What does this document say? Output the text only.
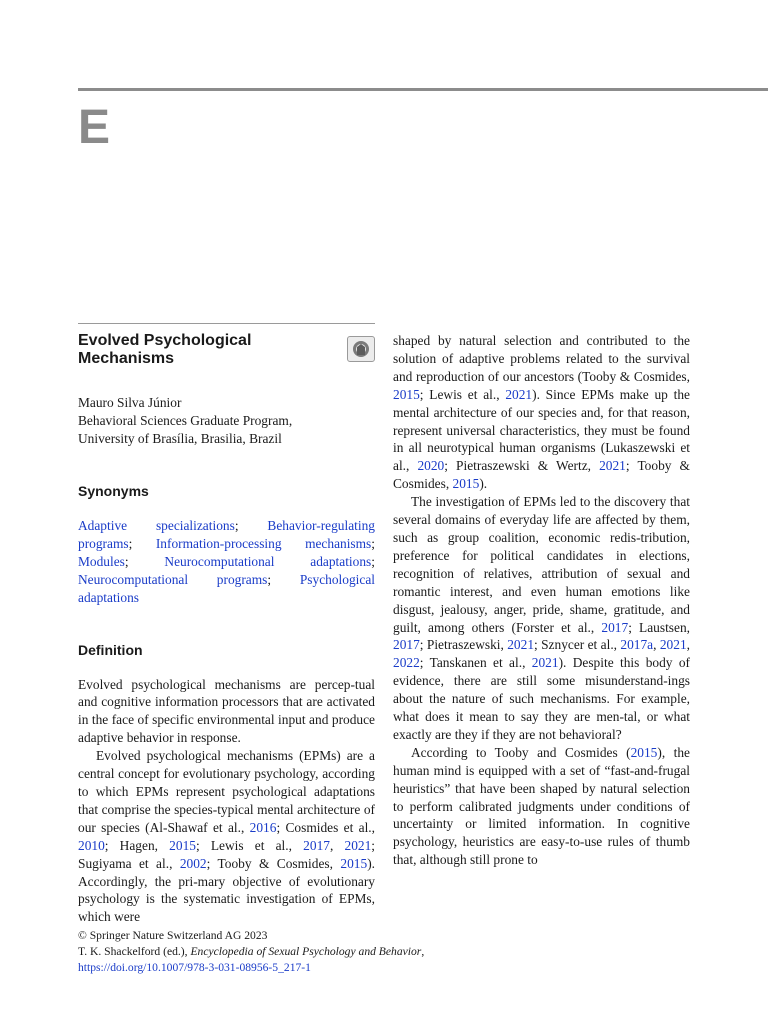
E
Evolved Psychological
Mechanisms
Mauro Silva Júnior
Behavioral Sciences Graduate Program,
University of Brasília, Brasilia, Brazil
Synonyms

Adaptive specializations; Behavior-regulating programs; Information-processing mechanisms; Modules; Neurocomputational adaptations; Neurocomputational programs; Psychological adaptations

Definition

Evolved psychological mechanisms are percep-tual and cognitive information processors that are activated in the face of specific environmental input and produce adaptive behavior in response.

Evolved psychological mechanisms (EPMs) are a central concept for evolutionary psychology, according to which EPMs represent psychological adaptations that comprise the species-typical mental architecture of our species (Al-Shawaf et al., 2016; Cosmides et al., 2010; Hagen, 2015; Lewis et al., 2017, 2021; Sugiyama et al., 2002; Tooby & Cosmides, 2015). Accordingly, the pri-mary objective of evolutionary psychology is the systematic investigation of EPMs, which were

shaped by natural selection and contributed to the solution of adaptive problems related to the survival and reproduction of our ancestors (Tooby & Cosmides, 2015; Lewis et al., 2021). Since EPMs make up the mental architecture of our species and, for that reason, represent universal characteristics, they must be found in all neurotypical human organisms (Lukaszewski et al., 2020; Pietraszewski & Wertz, 2021; Tooby & Cosmides, 2015).

The investigation of EPMs led to the discovery that several domains of everyday life are affected by them, such as group coalition, economic redis-tribution, preference for political candidates in elections, recognition of relatives, attribution of sexual and romantic interest, and even human emotions like disgust, jealousy, anger, pride, shame, gratitude, and guilt, among others (Forster et al., 2017; Laustsen, 2017; Pietraszewski, 2021; Sznycer et al., 2017a, 2021, 2022; Tanskanen et al., 2021). Despite this body of evidence, there are still some misunderstand-ings about the nature of such mechanisms. For example, what does it mean to say they are men-tal, or what exactly are they if they are not behavioral?

According to Tooby and Cosmides (2015), the human mind is equipped with a set of “fast-and-frugal heuristics” that have been shaped by natural selection to perform calibrated judgments under conditions of uncertainty or limited information. In cognitive psychology, heuristics are easy-to-use rules of thumb that, although still prone to

© Springer Nature Switzerland AG 2023
T. K. Shackelford (ed.), Encyclopedia of Sexual Psychology and Behavior,
https://doi.org/10.1007/978-3-031-08956-5_217-1
